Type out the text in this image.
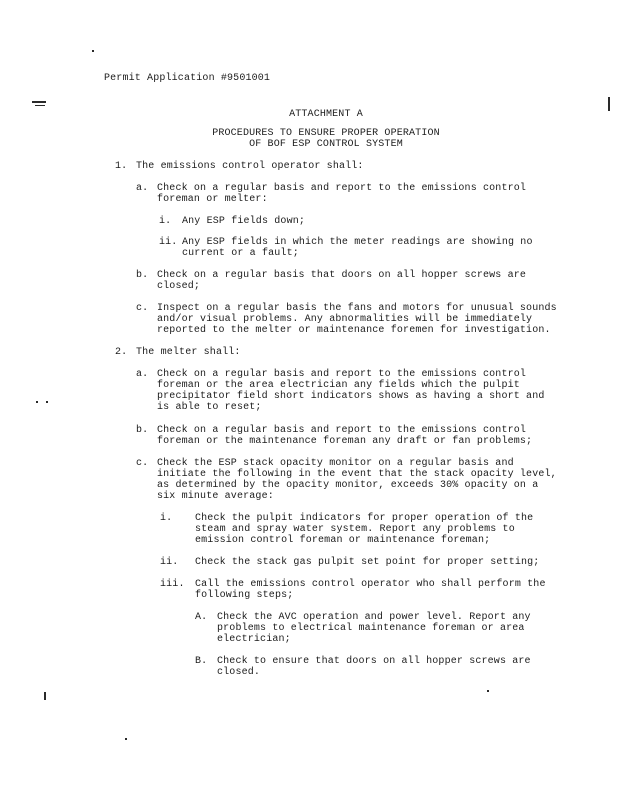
Permit Application #9501001
ATTACHMENT A
PROCEDURES TO ENSURE PROPER OPERATION
OF BOF ESP CONTROL SYSTEM
1. The emissions control operator shall:
a. Check on a regular basis and report to the emissions control
foreman or melter:
i. Any ESP fields down;
ii. Any ESP fields in which the meter readings are showing no
current or a fault;
b. Check on a regular basis that doors on all hopper screws are
closed;
c. Inspect on a regular basis the fans and motors for unusual sounds
and/or visual problems. Any abnormalities will be immediately
reported to the melter or maintenance foremen for investigation.
2. The melter shall:
a. Check on a regular basis and report to the emissions control
foreman or the area electrician any fields which the pulpit
precipitator field short indicators shows as having a short and
is able to reset;
b. Check on a regular basis and report to the emissions control
foreman or the maintenance foreman any draft or fan problems;
c. Check the ESP stack opacity monitor on a regular basis and
initiate the following in the event that the stack opacity level,
as determined by the opacity monitor, exceeds 30% opacity on a
six minute average:
i. Check the pulpit indicators for proper operation of the
steam and spray water system. Report any problems to
emission control foreman or maintenance foreman;
ii. Check the stack gas pulpit set point for proper setting;
iii. Call the emissions control operator who shall perform the
following steps;
A. Check the AVC operation and power level. Report any
problems to electrical maintenance foreman or area
electrician;
B. Check to ensure that doors on all hopper screws are
closed.
